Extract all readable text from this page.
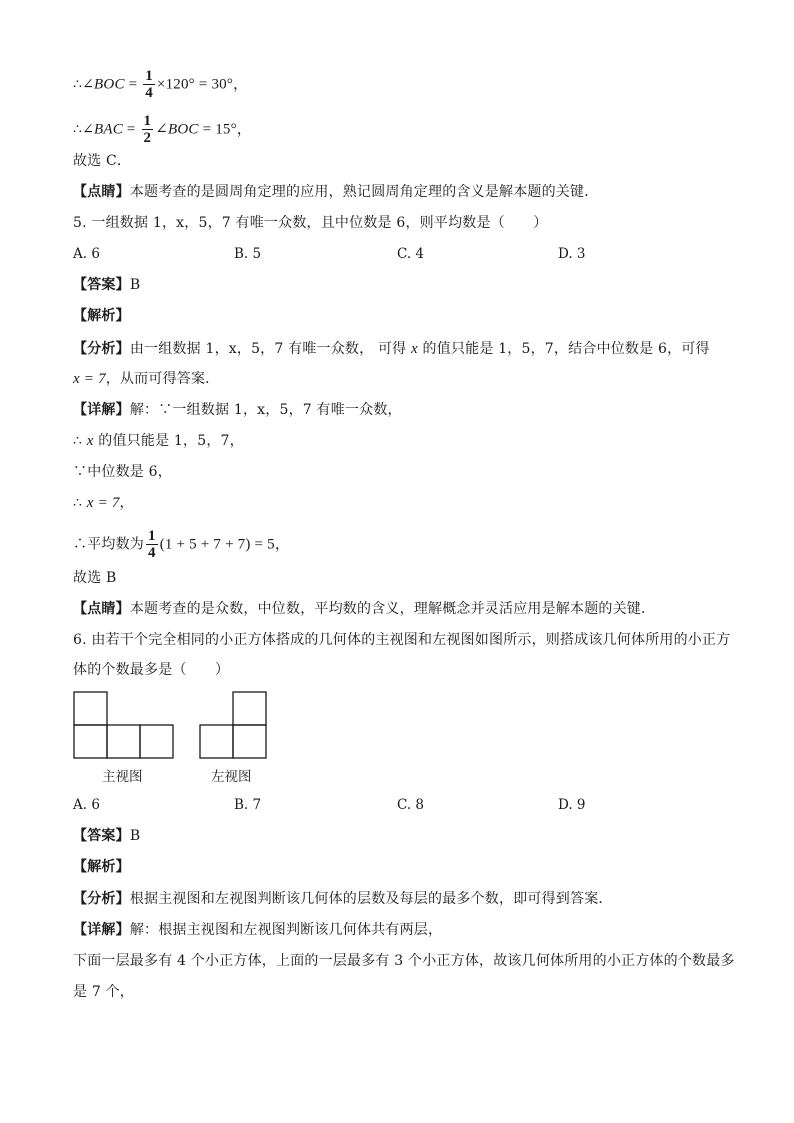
∴∠BOC = $\frac{1}{4} \times 120^\circ = 30^\circ$，
∴∠BAC = $\frac{1}{2}$ ∠BOC = 15°，
故选 C．
【点睛】本题考查的是圆周角定理的应用，熟记圆周角定理的含义是解本题的关键．
5. 一组数据 1，x，5，7 有唯一众数，且中位数是 6，则平均数是（　　）
A. 6	B. 5	C. 4	D. 3
【答案】B
【解析】
【分析】由一组数据 1，x，5，7 有唯一众数， 可得 x 的值只能是 1，5，7，结合中位数是 6，可得
x = 7，从而可得答案．
【详解】解：∵一组数据 1，x，5，7 有唯一众数，
∴ x 的值只能是 1，5，7，
∵中位数是 6，
∴ x = 7，
∴平均数为 $\frac{1}{4} (1 + 5 + 7 + 7) = 5$，
故选 B
【点睛】本题考查的是众数，中位数，平均数的含义，理解概念并灵活应用是解本题的关键．
6. 由若干个完全相同的小正方体搭成的几何体的主视图和左视图如图所示，则搭成该几何体所用的小正方
体的个数最多是（　　）
主视图	左视图
A. 6	B. 7	C. 8	D. 9
【答案】B
【解析】
【分析】根据主视图和左视图判断该几何体的层数及每层的最多个数，即可得到答案．
【详解】解：根据主视图和左视图判断该几何体共有两层，
下面一层最多有 4 个小正方体，上面的一层最多有 3 个小正方体，故该几何体所用的小正方体的个数最多
是 7 个，
